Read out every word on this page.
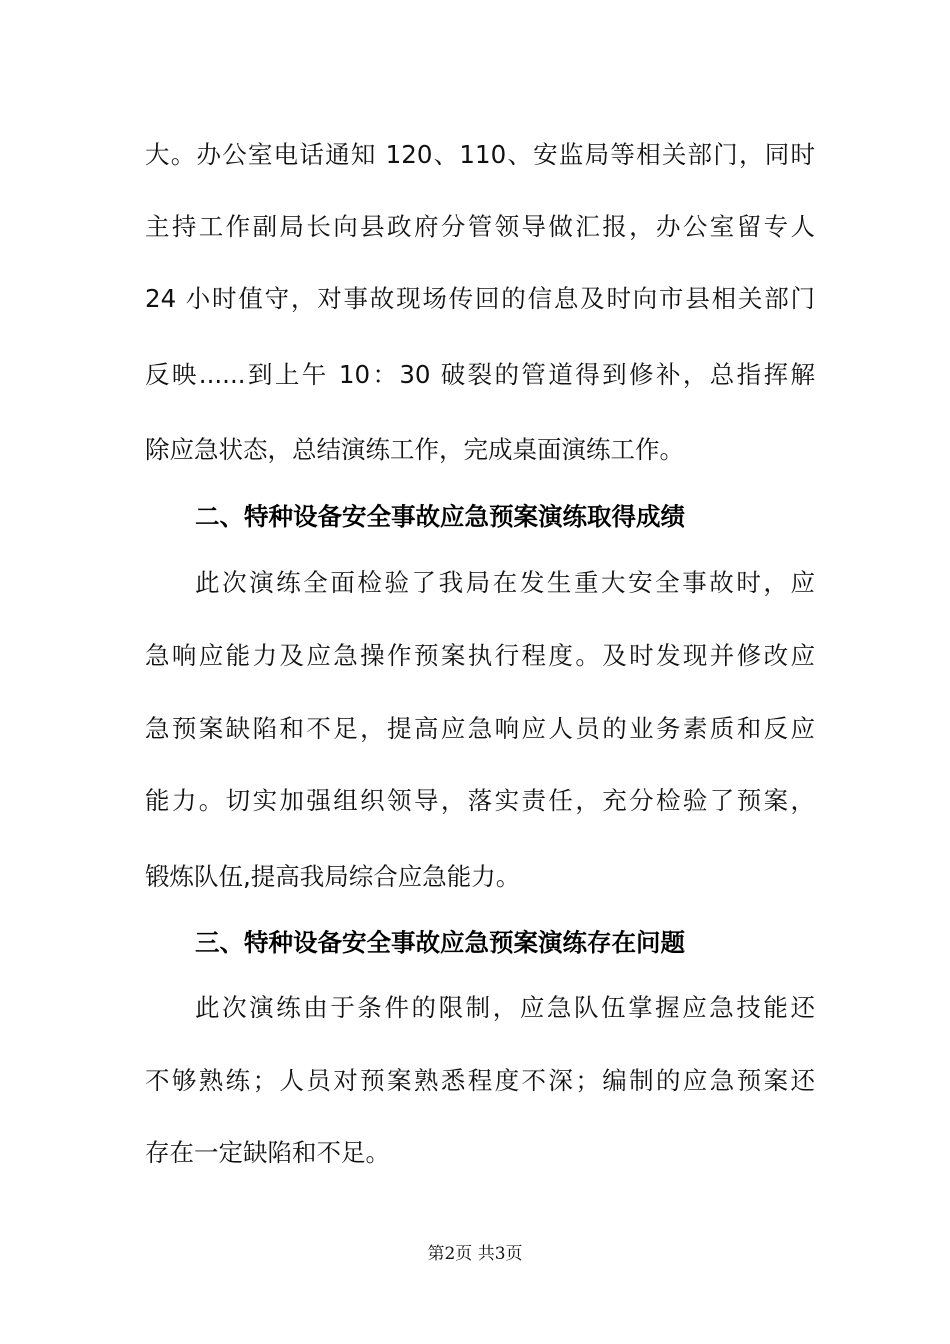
大。办公室电话通知 120、110、安监局等相关部门，同时
主持工作副局长向县政府分管领导做汇报，办公室留专人
24 小时值守，对事故现场传回的信息及时向市县相关部门
反映......到上午 10：30 破裂的管道得到修补，总指挥解
除应急状态，总结演练工作，完成桌面演练工作。
二、特种设备安全事故应急预案演练取得成绩
此次演练全面检验了我局在发生重大安全事故时，应
急响应能力及应急操作预案执行程度。及时发现并修改应
急预案缺陷和不足，提高应急响应人员的业务素质和反应
能力。切实加强组织领导，落实责任，充分检验了预案，
锻炼队伍,提高我局综合应急能力。
三、特种设备安全事故应急预案演练存在问题
此次演练由于条件的限制，应急队伍掌握应急技能还
不够熟练；人员对预案熟悉程度不深；编制的应急预案还
存在一定缺陷和不足。
第2页 共3页
